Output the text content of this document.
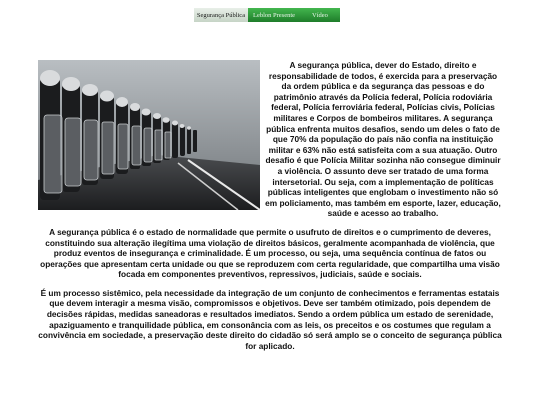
Segurança Pública	Leblon Presente	Vídeo

A segurança pública, dever do Estado, direito e responsabilidade de todos, é exercida para a preservação da ordem pública e da segurança das pessoas e do patrimônio através da Polícia federal, Polícia rodoviária federal, Polícia ferroviária federal, Polícias civis, Polícias militares e Corpos de bombeiros militares. A segurança pública enfrenta muitos desafios, sendo um deles o fato de que 70% da população do país não confia na instituição militar e 63% não está satisfeita com a sua atuação. Outro desafio é que Polícia Militar sozinha não consegue diminuir a violência. O assunto deve ser tratado de uma forma intersetorial. Ou seja, com a implementação de políticas públicas inteligentes que englobam o investimento não só em policiamento, mas também em esporte, lazer, educação, saúde e acesso ao trabalho.

A segurança pública é o estado de normalidade que permite o usufruto de direitos e o cumprimento de deveres, constituindo sua alteração ilegítima uma violação de direitos básicos, geralmente acompanhada de violência, que produz eventos de insegurança e criminalidade. É um processo, ou seja, uma sequência contínua de fatos ou operações que apresentam certa unidade ou que se reproduzem com certa regularidade, que compartilha uma visão focada em componentes preventivos, repressivos, judiciais, saúde e sociais.

É um processo sistêmico, pela necessidade da integração de um conjunto de conhecimentos e ferramentas estatais que devem interagir a mesma visão, compromissos e objetivos. Deve ser também otimizado, pois dependem de decisões rápidas, medidas saneadoras e resultados imediatos. Sendo a ordem pública um estado de serenidade, apaziguamento e tranquilidade pública, em consonância com as leis, os preceitos e os costumes que regulam a convivência em sociedade, a preservação deste direito do cidadão só será amplo se o conceito de segurança pública for aplicado.
